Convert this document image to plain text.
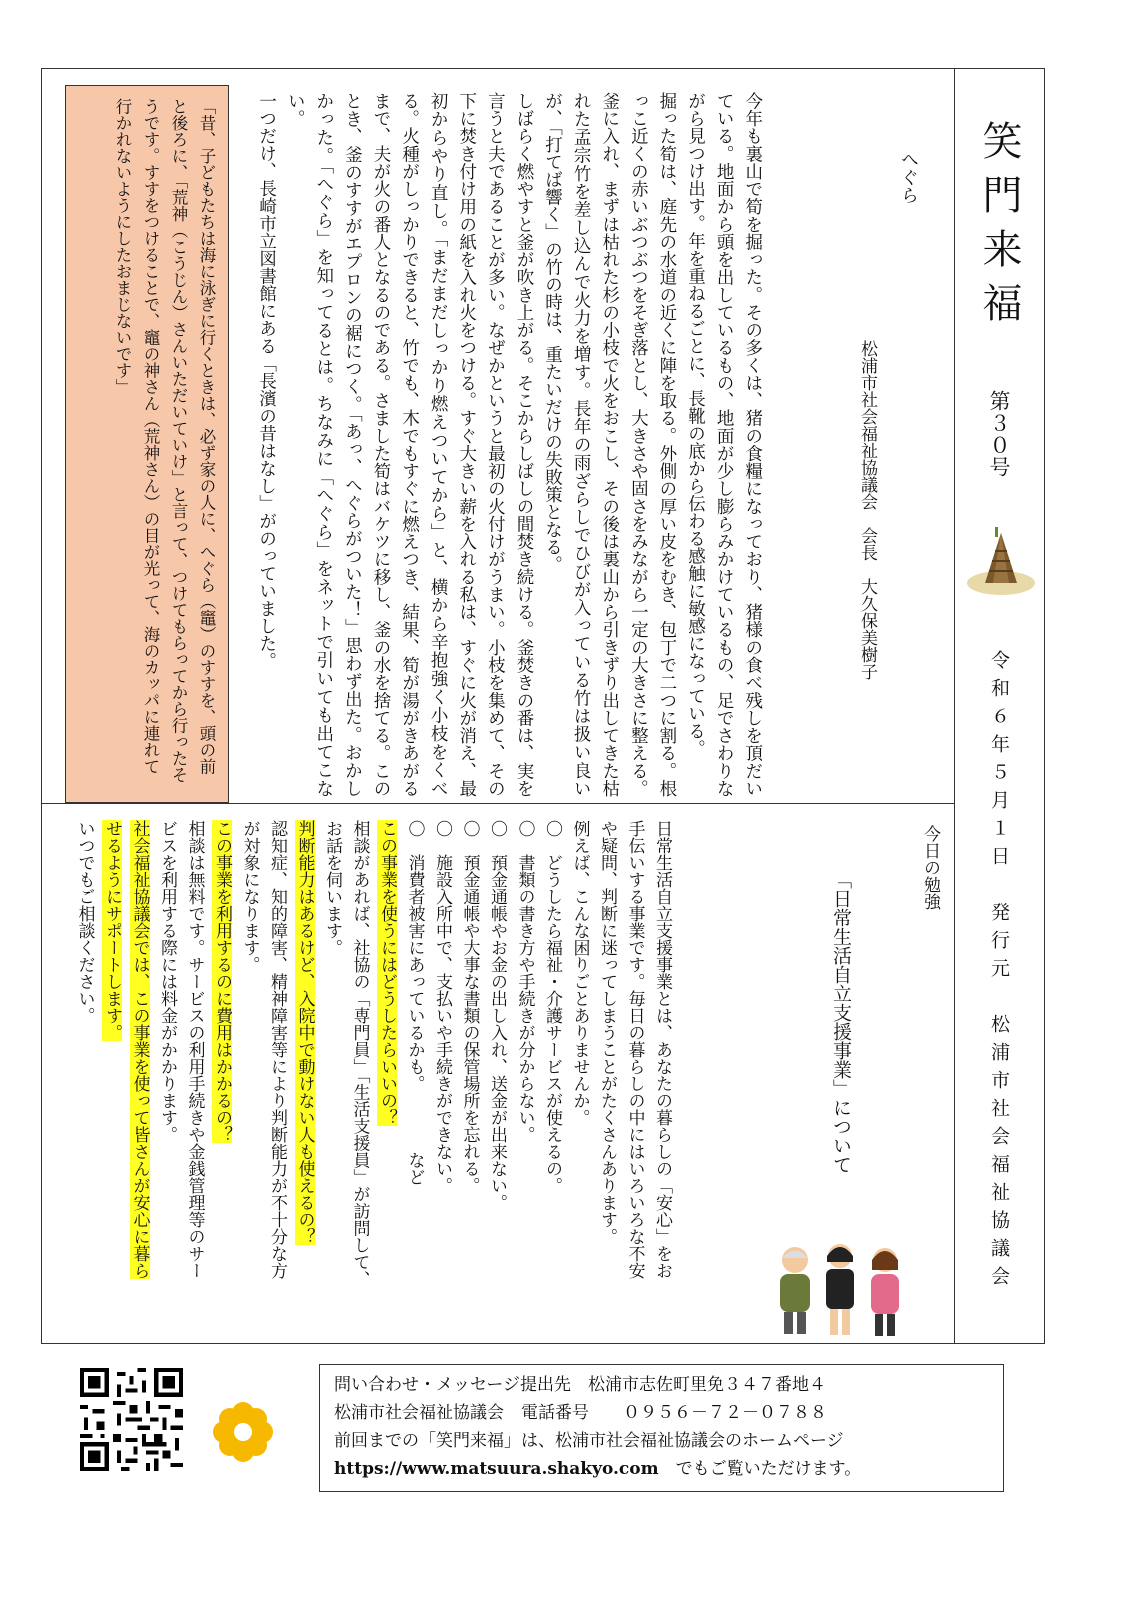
笑門来福
第３０号
令和６年５月１日　発行元　松浦市社会福祉協議会
へぐら
松浦市社会福祉協議会　会長　大久保美樹子

今年も裏山で筍を掘った。その多くは、猪の食糧になっており、猪様の食べ残しを頂だいている。地面から頭を出しているもの、地面が少し膨らみかけているもの、足でさわりながら見つけ出す。年を重ねるごとに、長靴の底から伝わる感触に敏感になっている。

掘った筍は、庭先の水道の近くに陣を取る。外側の厚い皮をむき、包丁で二つに割る。根っこ近くの赤いぶつぶつをそぎ落とし、大きさや固さをみながら一定の大きさに整える。釜に入れ、まずは枯れた杉の小枝で火をおこし、その後は裏山から引きずり出してきた枯れた孟宗竹を差し込んで火力を増す。長年の雨ざらしでひびが入っている竹は扱い良いが、「打てば響く」の竹の時は、重たいだけの失敗策となる。

しばらく燃やすと釜が吹き上がる。そこからしばしの間焚き続ける。釜焚きの番は、実を言うと夫であることが多い。なぜかというと最初の火付けがうまい。小枝を集めて、その下に焚き付け用の紙を入れ火をつける。すぐ大きい薪を入れる私は、すぐに火が消え、最初からやり直し。「まだまだしっかり燃えついてから」と、横から辛抱強く小枝をくべる。火種がしっかりできると、竹でも、木でもすぐに燃えつき、結果、筍が湯がきあがるまで、夫が火の番人となるのである。さました筍はバケツに移し、釜の水を捨てる。このとき、釜のすすがエプロンの裾につく。「あっ、へぐらがついた！」思わず出た。おかしかった。「へぐら」を知ってるとは。ちなみに「へぐら」をネットで引いても出てこない。

一つだけ、長崎市立図書館にある「長濱の昔はなし」がのっていました。

「昔、子どもたちは海に泳ぎに行くときは、必ず家の人に、へぐら（竈）のすすを、頭の前と後ろに、「荒神（こうじん）さんいただいていけ」と言って、つけてもらってから行ったそうです。すすをつけることで、竈の神さん（荒神さん）の目が光って、海のカッパに連れて行かれないようにしたおまじないです」
今日の勉強
「日常生活自立支援事業」について

日常生活自立支援事業とは、あなたの暮らしの「安心」をお手伝いする事業です。毎日の暮らしの中にはいろいろな不安や疑問、判断に迷ってしまうことがたくさんあります。

例えば、こんな困りごとありませんか。

〇　どうしたら福祉・介護サービスが使えるの。

〇　書類の書き方や手続きが分からない。

〇　預金通帳やお金の出し入れ、送金が出来ない。

〇　預金通帳や大事な書類の保管場所を忘れる。

〇　施設入所中で、支払いや手続きができない。

〇　消費者被害にあっているかも。　　　　など

この事業を使うにはどうしたらいいの？

相談があれば、社協の「専門員」「生活支援員」が訪問して、お話を伺います。

判断能力はあるけど、入院中で動けない人も使えるの？

認知症、知的障害、精神障害等により判断能力が不十分な方が対象になります。

この事業を利用するのに費用はかかるの？

相談は無料です。サービスの利用手続きや金銭管理等のサービスを利用する際には料金がかかります。

社会福祉協議会では、この事業を使って皆さんが安心に暮らせるようにサポートします。

いつでもご相談ください。

問い合わせ・メッセージ提出先　松浦市志佐町里免３４７番地４
松浦市社会福祉協議会　電話番号　　０９５６－７２－０７８８
前回までの「笑門来福」は、松浦市社会福祉協議会のホームページ
https://www.matsuura.shakyo.com　でもご覧いただけます。
